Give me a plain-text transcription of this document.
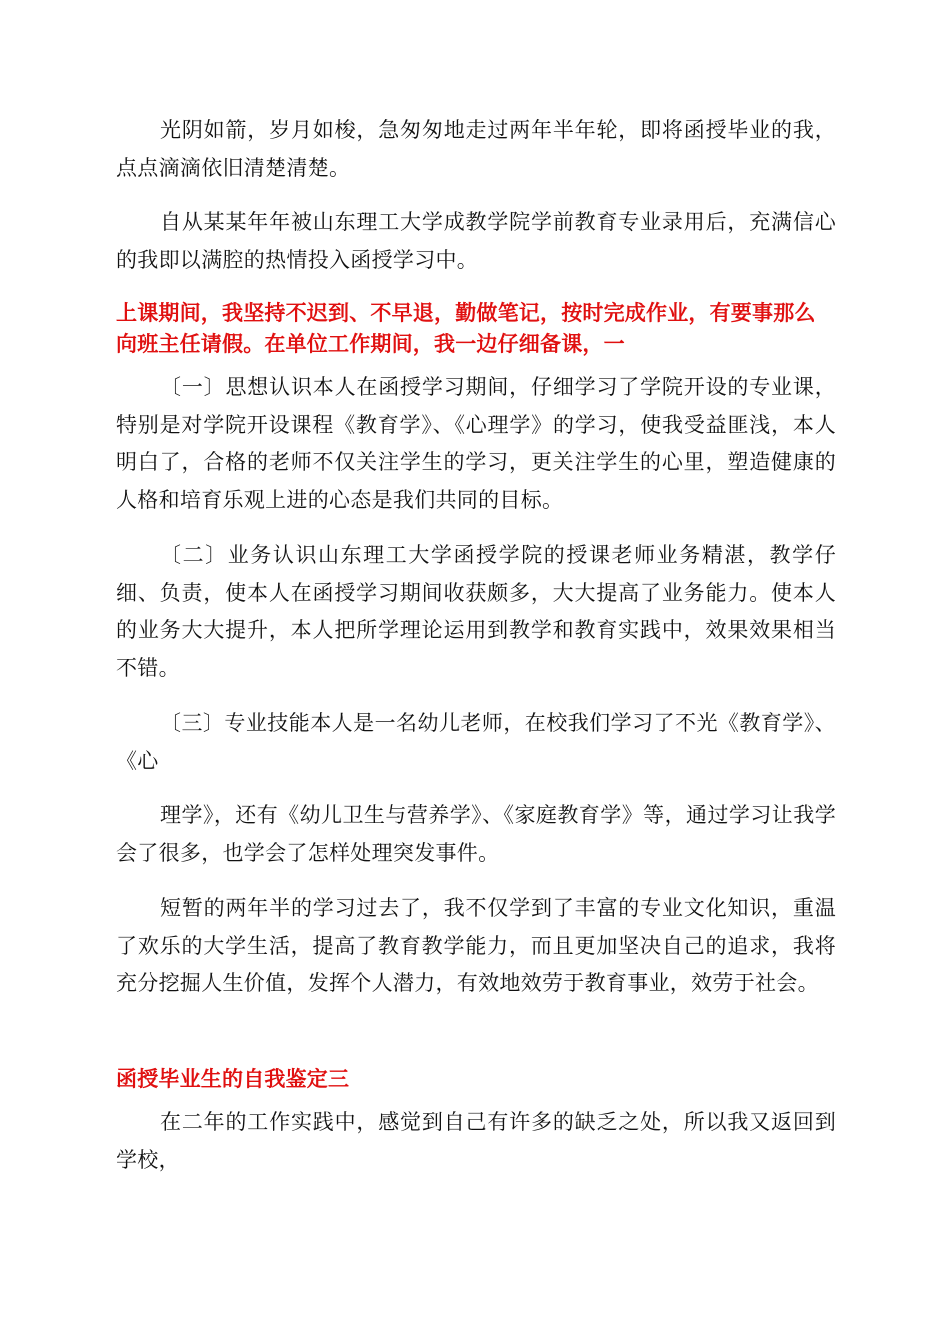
光阴如箭，岁月如梭，急匆匆地走过两年半年轮，即将函授毕业的我，点点滴滴依旧清楚清楚。

自从某某年年被山东理工大学成教学院学前教育专业录用后，充满信心的我即以满腔的热情投入函授学习中。

上课期间，我坚持不迟到、不早退，勤做笔记，按时完成作业，有要事那么向班主任请假。在单位工作期间，我一边仔细备课，一

〔一〕思想认识本人在函授学习期间，仔细学习了学院开设的专业课，特别是对学院开设课程《教育学》、《心理学》的学习，使我受益匪浅，本人明白了，合格的老师不仅关注学生的学习，更关注学生的心里，塑造健康的人格和培育乐观上进的心态是我们共同的目标。

〔二〕业务认识山东理工大学函授学院的授课老师业务精湛，教学仔细、负责，使本人在函授学习期间收获颇多，大大提高了业务能力。使本人的业务大大提升，本人把所学理论运用到教学和教育实践中，效果效果相当不错。

〔三〕专业技能本人是一名幼儿老师，在校我们学习了不光《教育学》、《心

理学》，还有《幼儿卫生与营养学》、《家庭教育学》等，通过学习让我学会了很多，也学会了怎样处理突发事件。

短暂的两年半的学习过去了，我不仅学到了丰富的专业文化知识，重温了欢乐的大学生活，提高了教育教学能力，而且更加坚决自己的追求，我将充分挖掘人生价值，发挥个人潜力，有效地效劳于教育事业，效劳于社会。

函授毕业生的自我鉴定三

在二年的工作实践中，感觉到自己有许多的缺乏之处，所以我又返回到学校，
